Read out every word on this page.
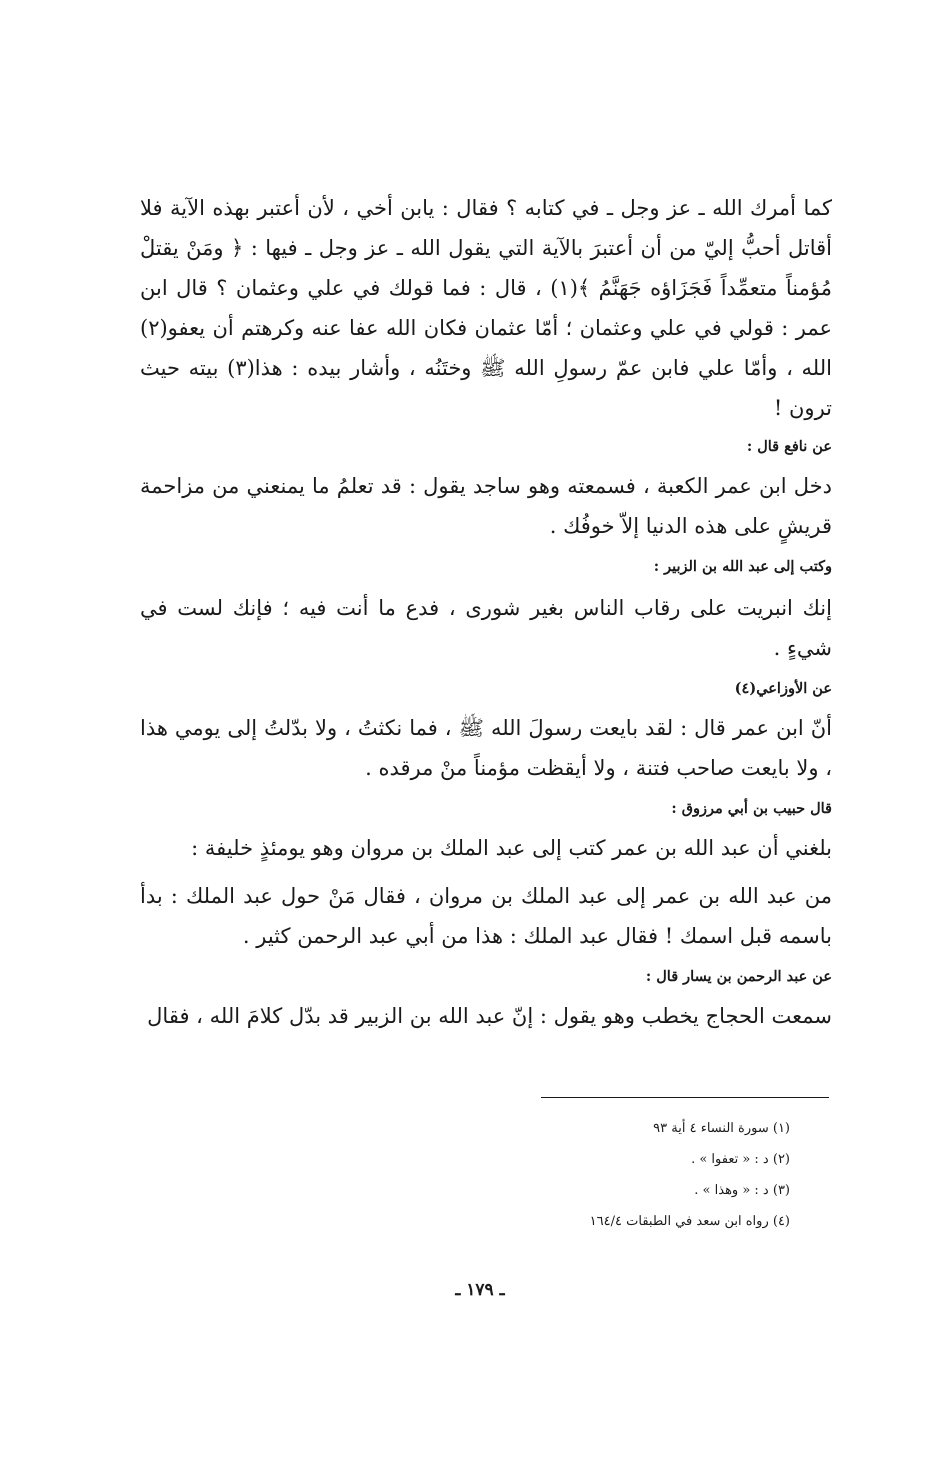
كما أمرك الله ـ عز وجل ـ في كتابه ؟ فقال : يابن أخي ، لأن أعتبر بهذه الآية فلا أقاتل أحبُّ إليّ من أن أعتبرَ بالآية التي يقول الله ـ عز وجل ـ فيها : ﴿ ومَنْ يقتلْ مُؤمناً متعمِّداً فَجَزَاؤه جَهَنَّمُ ﴾(١) ، قال : فما قولك في علي وعثمان ؟ قال ابن عمر : قولي في علي وعثمان ؛ أمّا عثمان فكان الله عفا عنه وكرهتم أن يعفو(٢) الله ، وأمّا علي فابن عمّ رسولِ الله ﷺ وختَنُه ، وأشار بيده : هذا(٣) بيته حيث ترون !

عن نافع قال :

دخل ابن عمر الكعبة ، فسمعته وهو ساجد يقول : قد تعلمُ ما يمنعني من مزاحمة قريشٍ على هذه الدنيا إلاّ خوفُك .

وكتب إلى عبد الله بن الزبير :

إنك انبريت على رقاب الناس بغير شورى ، فدع ما أنت فيه ؛ فإنك لست في شيءٍ .

عن الأوزاعي(٤)

أنّ ابن عمر قال : لقد بايعت رسولَ الله ﷺ ، فما نكثتُ ، ولا بدّلتُ إلى يومي هذا ، ولا بايعت صاحب فتنة ، ولا أيقظت مؤمناً منْ مرقده .

قال حبيب بن أبي مرزوق :

بلغني أن عبد الله بن عمر كتب إلى عبد الملك بن مروان وهو يومئذٍ خليفة :

من عبد الله بن عمر إلى عبد الملك بن مروان ، فقال مَنْ حول عبد الملك : بدأ باسمه قبل اسمك ! فقال عبد الملك : هذا من أبي عبد الرحمن كثير .

عن عبد الرحمن بن يسار قال :

سمعت الحجاج يخطب وهو يقول : إنّ عبد الله بن الزبير قد بدّل كلامَ الله ، فقال

(١) سورة النساء ٤ أية ٩٣

(٢) د : « تعفوا » .

(٣) د : « وهذا » .

(٤) رواه ابن سعد في الطبقات ١٦٤/٤

ـ ١٧٩ ـ
